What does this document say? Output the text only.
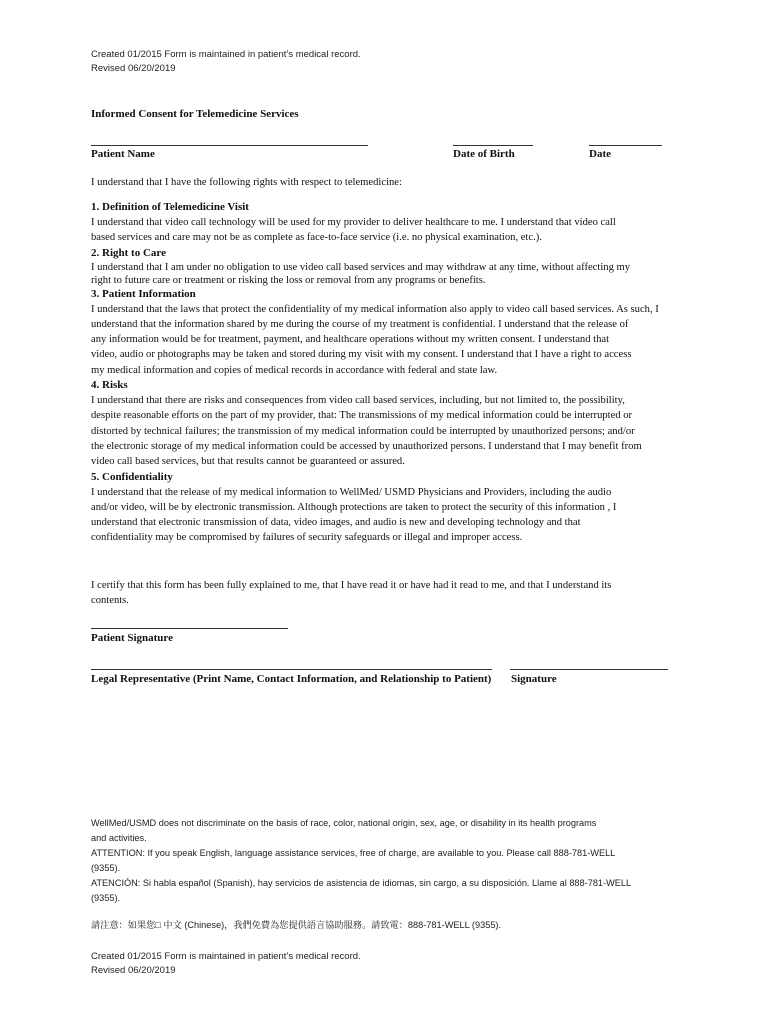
Created 01/2015 Form is maintained in patient’s medical record.
Revised 06/20/2019
Informed Consent for Telemedicine Services
Patient Name	Date of Birth	Date
I understand that I have the following rights with respect to telemedicine:
1. Definition of Telemedicine Visit
I understand that video call technology will be used for my provider to deliver healthcare to me. I understand that video call
based services and care may not be as complete as face-to-face service (i.e. no physical examination, etc.).
2. Right to Care
I understand that I am under no obligation to use video call based services and may withdraw at any time, without affecting my
right to future care or treatment or risking the loss or removal from any programs or benefits.
3. Patient Information
I understand that the laws that protect the confidentiality of my medical information also apply to video call based services. As such, I
understand that the information shared by me during the course of my treatment is confidential. I understand that the release of
any information would be for treatment, payment, and healthcare operations without my written consent. I understand that
video, audio or photographs may be taken and stored during my visit with my consent. I understand that I have a right to access
my medical information and copies of medical records in accordance with federal and state law.
4. Risks
I understand that there are risks and consequences from video call based services, including, but not limited to, the possibility,
despite reasonable efforts on the part of my provider, that: The transmissions of my medical information could be interrupted or
distorted by technical failures; the transmission of my medical information could be interrupted by unauthorized persons; and/or
the electronic storage of my medical information could be accessed by unauthorized persons. I understand that I may benefit from
video call based services, but that results cannot be guaranteed or assured.
5. Confidentiality
I understand that the release of my medical information to WellMed/ USMD Physicians and Providers, including the audio
and/or video, will be by electronic transmission. Although protections are taken to protect the security of this information , I
understand that electronic transmission of data, video images, and audio is new and developing technology and that
confidentiality may be compromised by failures of security safeguards or illegal and improper access.
I certify that this form has been fully explained to me, that I have read it or have had it read to me, and that I understand its
contents.
Patient Signature
Legal Representative (Print Name, Contact Information, and Relationship to Patient) Signature
WellMed/USMD does not discriminate on the basis of race, color, national origin, sex, age, or disability in its health programs
and activities.
ATTENTION: If you speak English, language assistance services, free of charge, are available to you. Please call 888-781-WELL
(9355).
ATENCIÓN: Si habla español (Spanish), hay servicios de asistencia de idiomas, sin cargo, a su disposición. Llame al 888-781-WELL
(9355).
請注意：如果您□ 中文 (Chinese)，我們免費為您提供語言協助服務。請致電：888-781-WELL (9355).
Created 01/2015 Form is maintained in patient’s medical record.
Revised 06/20/2019
